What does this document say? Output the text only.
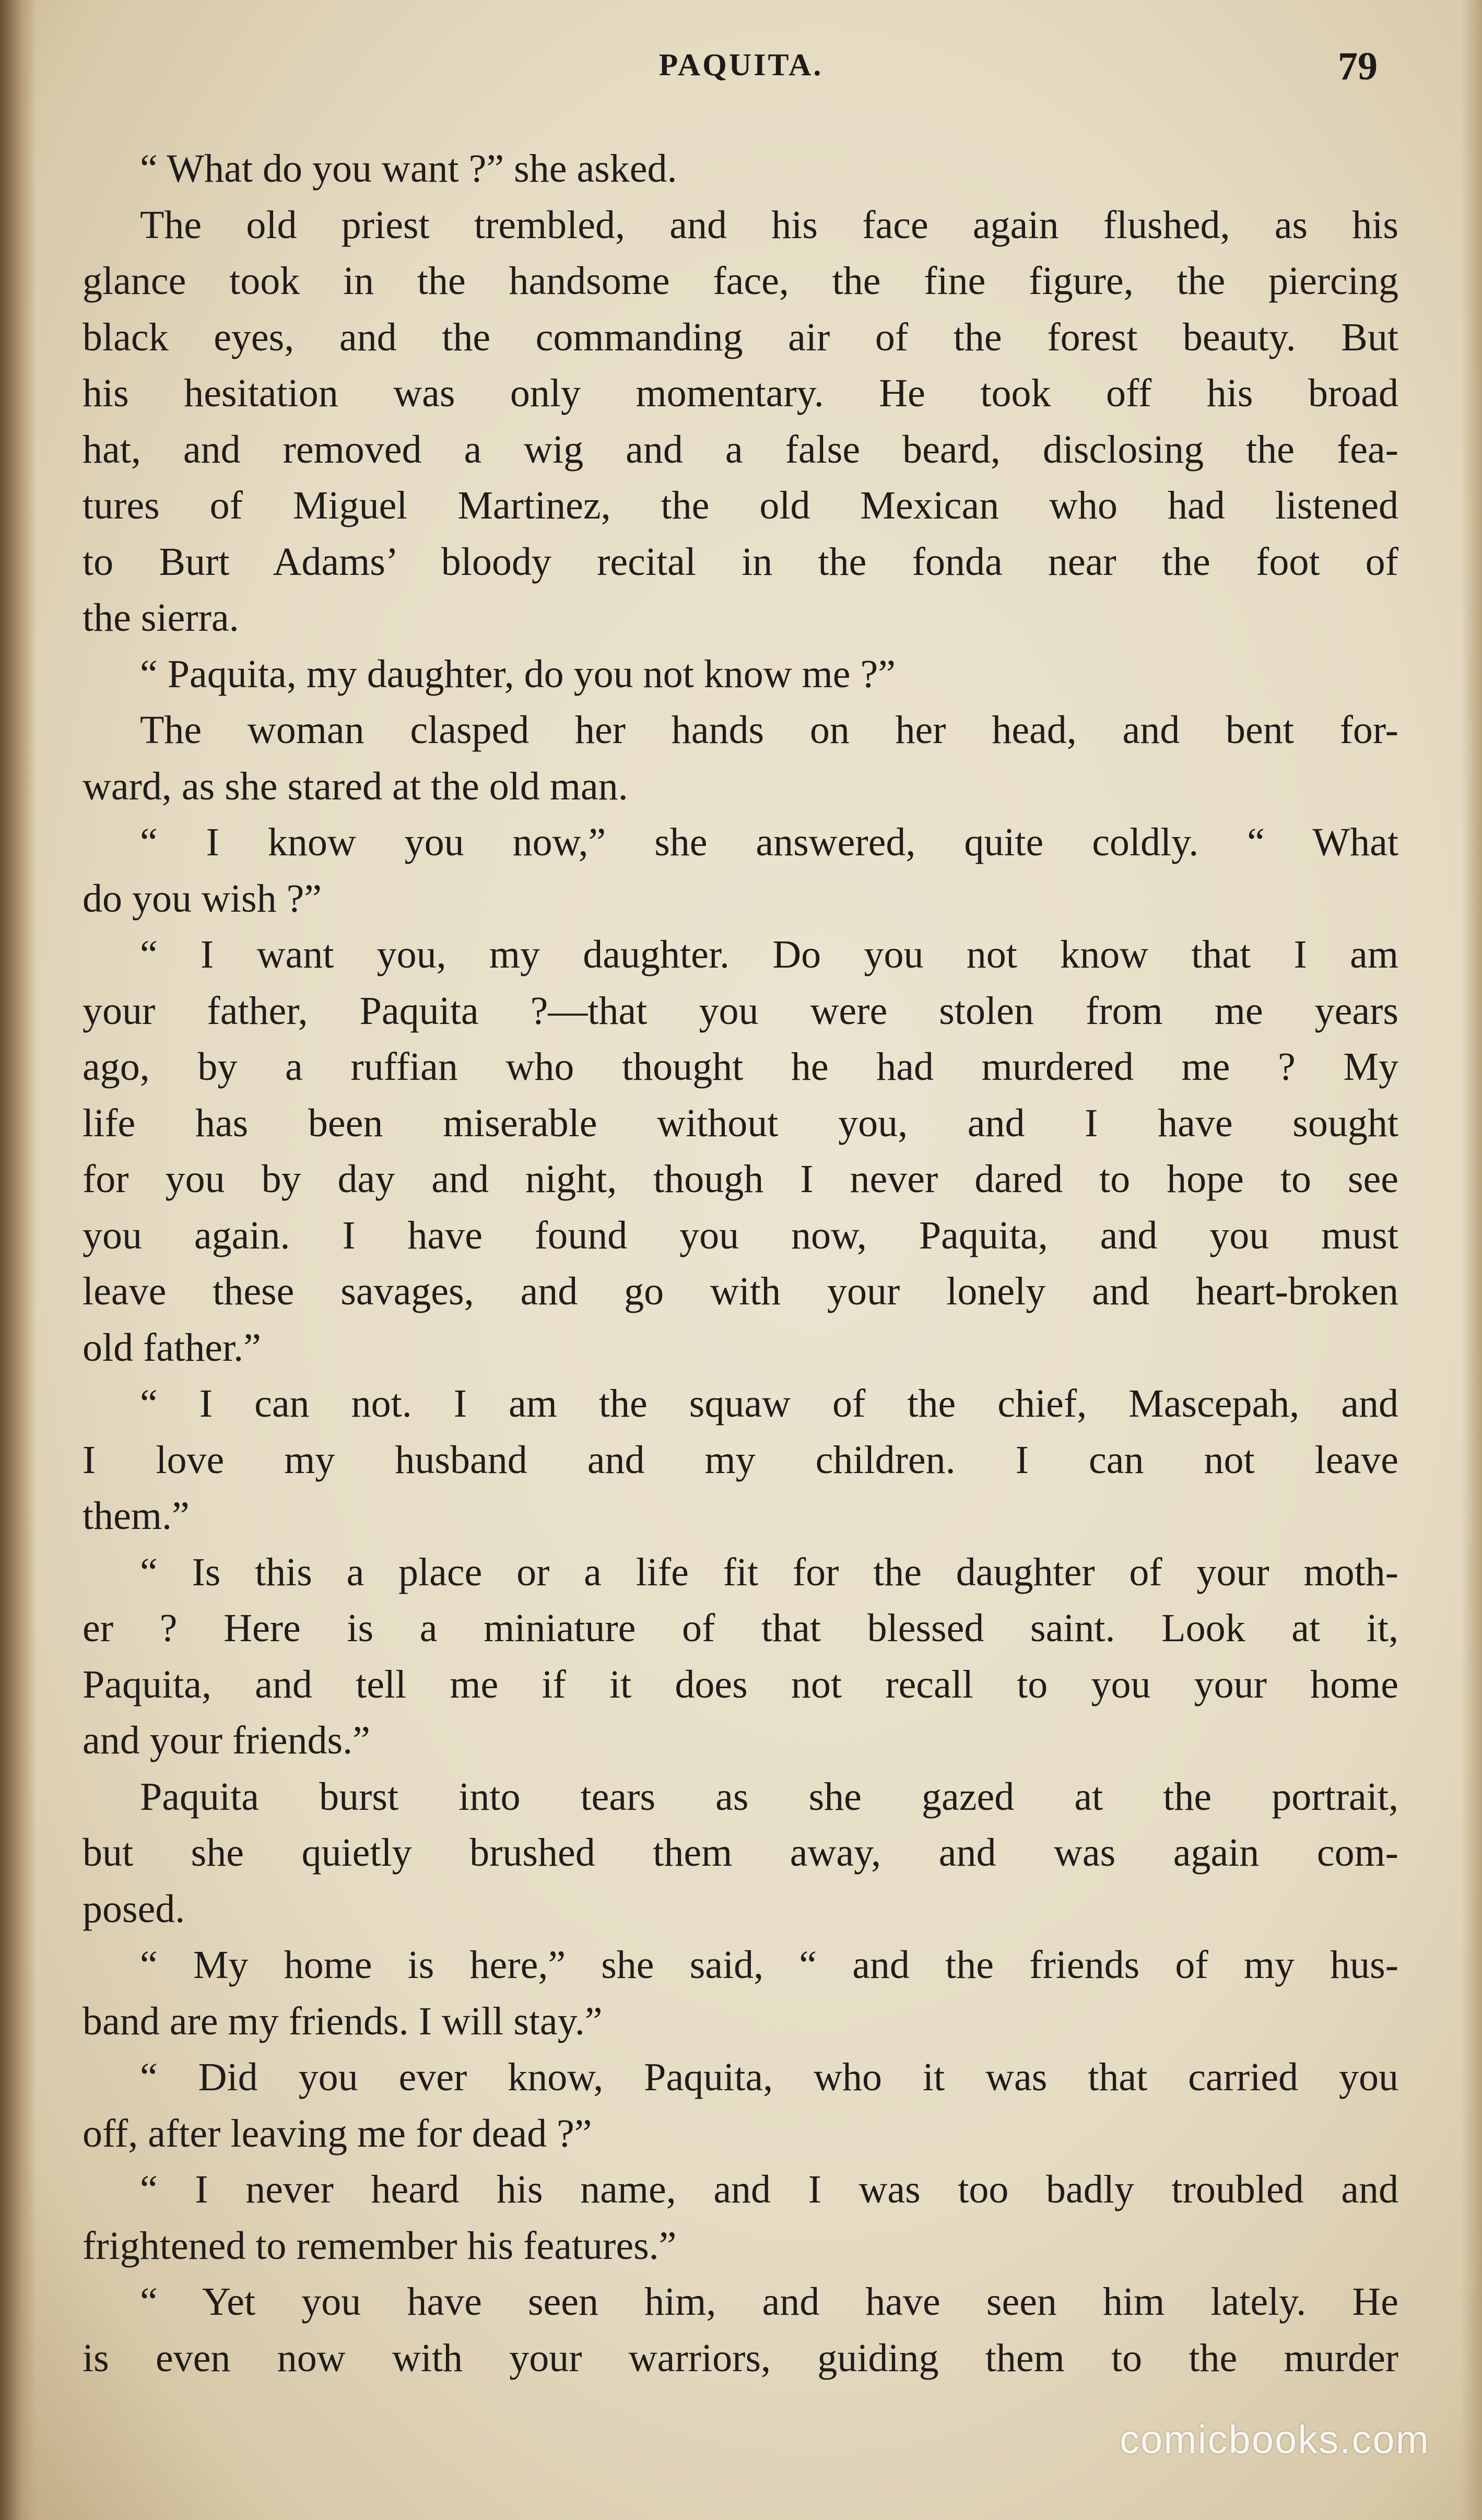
PAQUITA.	79
“ What do you want ?” she asked.
The old priest trembled, and his face again flushed, as his
glance took in the handsome face, the fine figure, the piercing
black eyes, and the commanding air of the forest beauty. But
his hesitation was only momentary. He took off his broad
hat, and removed a wig and a false beard, disclosing the fea-
tures of Miguel Martinez, the old Mexican who had listened
to Burt Adams’ bloody recital in the fonda near the foot of
the sierra.
“ Paquita, my daughter, do you not know me ?”
The woman clasped her hands on her head, and bent for-
ward, as she stared at the old man.
“ I know you now,” she answered, quite coldly. “ What
do you wish ?”
“ I want you, my daughter. Do you not know that I am
your father, Paquita ?—that you were stolen from me years
ago, by a ruffian who thought he had murdered me ? My
life has been miserable without you, and I have sought
for you by day and night, though I never dared to hope to see
you again. I have found you now, Paquita, and you must
leave these savages, and go with your lonely and heart-broken
old father.”
“ I can not. I am the squaw of the chief, Mascepah, and
I love my husband and my children. I can not leave
them.”
“ Is this a place or a life fit for the daughter of your moth-
er ? Here is a miniature of that blessed saint. Look at it,
Paquita, and tell me if it does not recall to you your home
and your friends.”
Paquita burst into tears as she gazed at the portrait,
but she quietly brushed them away, and was again com-
posed.
“ My home is here,” she said, “ and the friends of my hus-
band are my friends. I will stay.”
“ Did you ever know, Paquita, who it was that carried you
off, after leaving me for dead ?”
“ I never heard his name, and I was too badly troubled and
frightened to remember his features.”
“ Yet you have seen him, and have seen him lately. He
is even now with your warriors, guiding them to the murder
comicbooks.com
